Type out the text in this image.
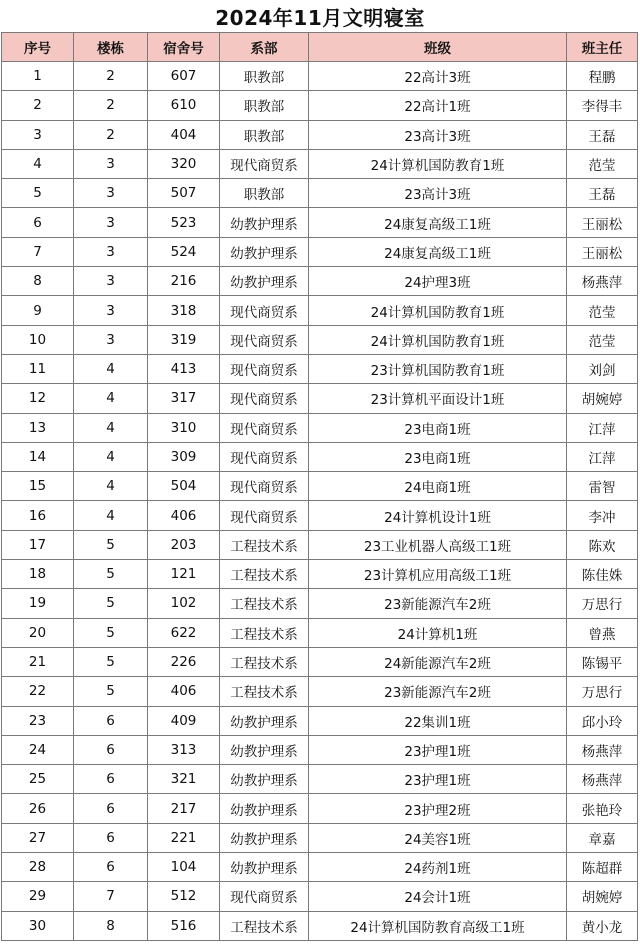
2024年11月文明寝室
序号	楼栋	宿舍号	系部	班级	班主任
1	2	607	职教部	22高计3班	程鹏
2	2	610	职教部	22高计1班	李得丰
3	2	404	职教部	23高计3班	王磊
4	3	320	现代商贸系	24计算机国防教育1班	范莹
5	3	507	职教部	23高计3班	王磊
6	3	523	幼教护理系	24康复高级工1班	王丽松
7	3	524	幼教护理系	24康复高级工1班	王丽松
8	3	216	幼教护理系	24护理3班	杨燕萍
9	3	318	现代商贸系	24计算机国防教育1班	范莹
10	3	319	现代商贸系	24计算机国防教育1班	范莹
11	4	413	现代商贸系	23计算机国防教育1班	刘剑
12	4	317	现代商贸系	23计算机平面设计1班	胡婉婷
13	4	310	现代商贸系	23电商1班	江萍
14	4	309	现代商贸系	23电商1班	江萍
15	4	504	现代商贸系	24电商1班	雷智
16	4	406	现代商贸系	24计算机设计1班	李冲
17	5	203	工程技术系	23工业机器人高级工1班	陈欢
18	5	121	工程技术系	23计算机应用高级工1班	陈佳姝
19	5	102	工程技术系	23新能源汽车2班	万思行
20	5	622	工程技术系	24计算机1班	曾燕
21	5	226	工程技术系	24新能源汽车2班	陈锡平
22	5	406	工程技术系	23新能源汽车2班	万思行
23	6	409	幼教护理系	22集训1班	邱小玲
24	6	313	幼教护理系	23护理1班	杨燕萍
25	6	321	幼教护理系	23护理1班	杨燕萍
26	6	217	幼教护理系	23护理2班	张艳玲
27	6	221	幼教护理系	24美容1班	章嘉
28	6	104	幼教护理系	24药剂1班	陈超群
29	7	512	现代商贸系	24会计1班	胡婉婷
30	8	516	工程技术系	24计算机国防教育高级工1班	黄小龙
